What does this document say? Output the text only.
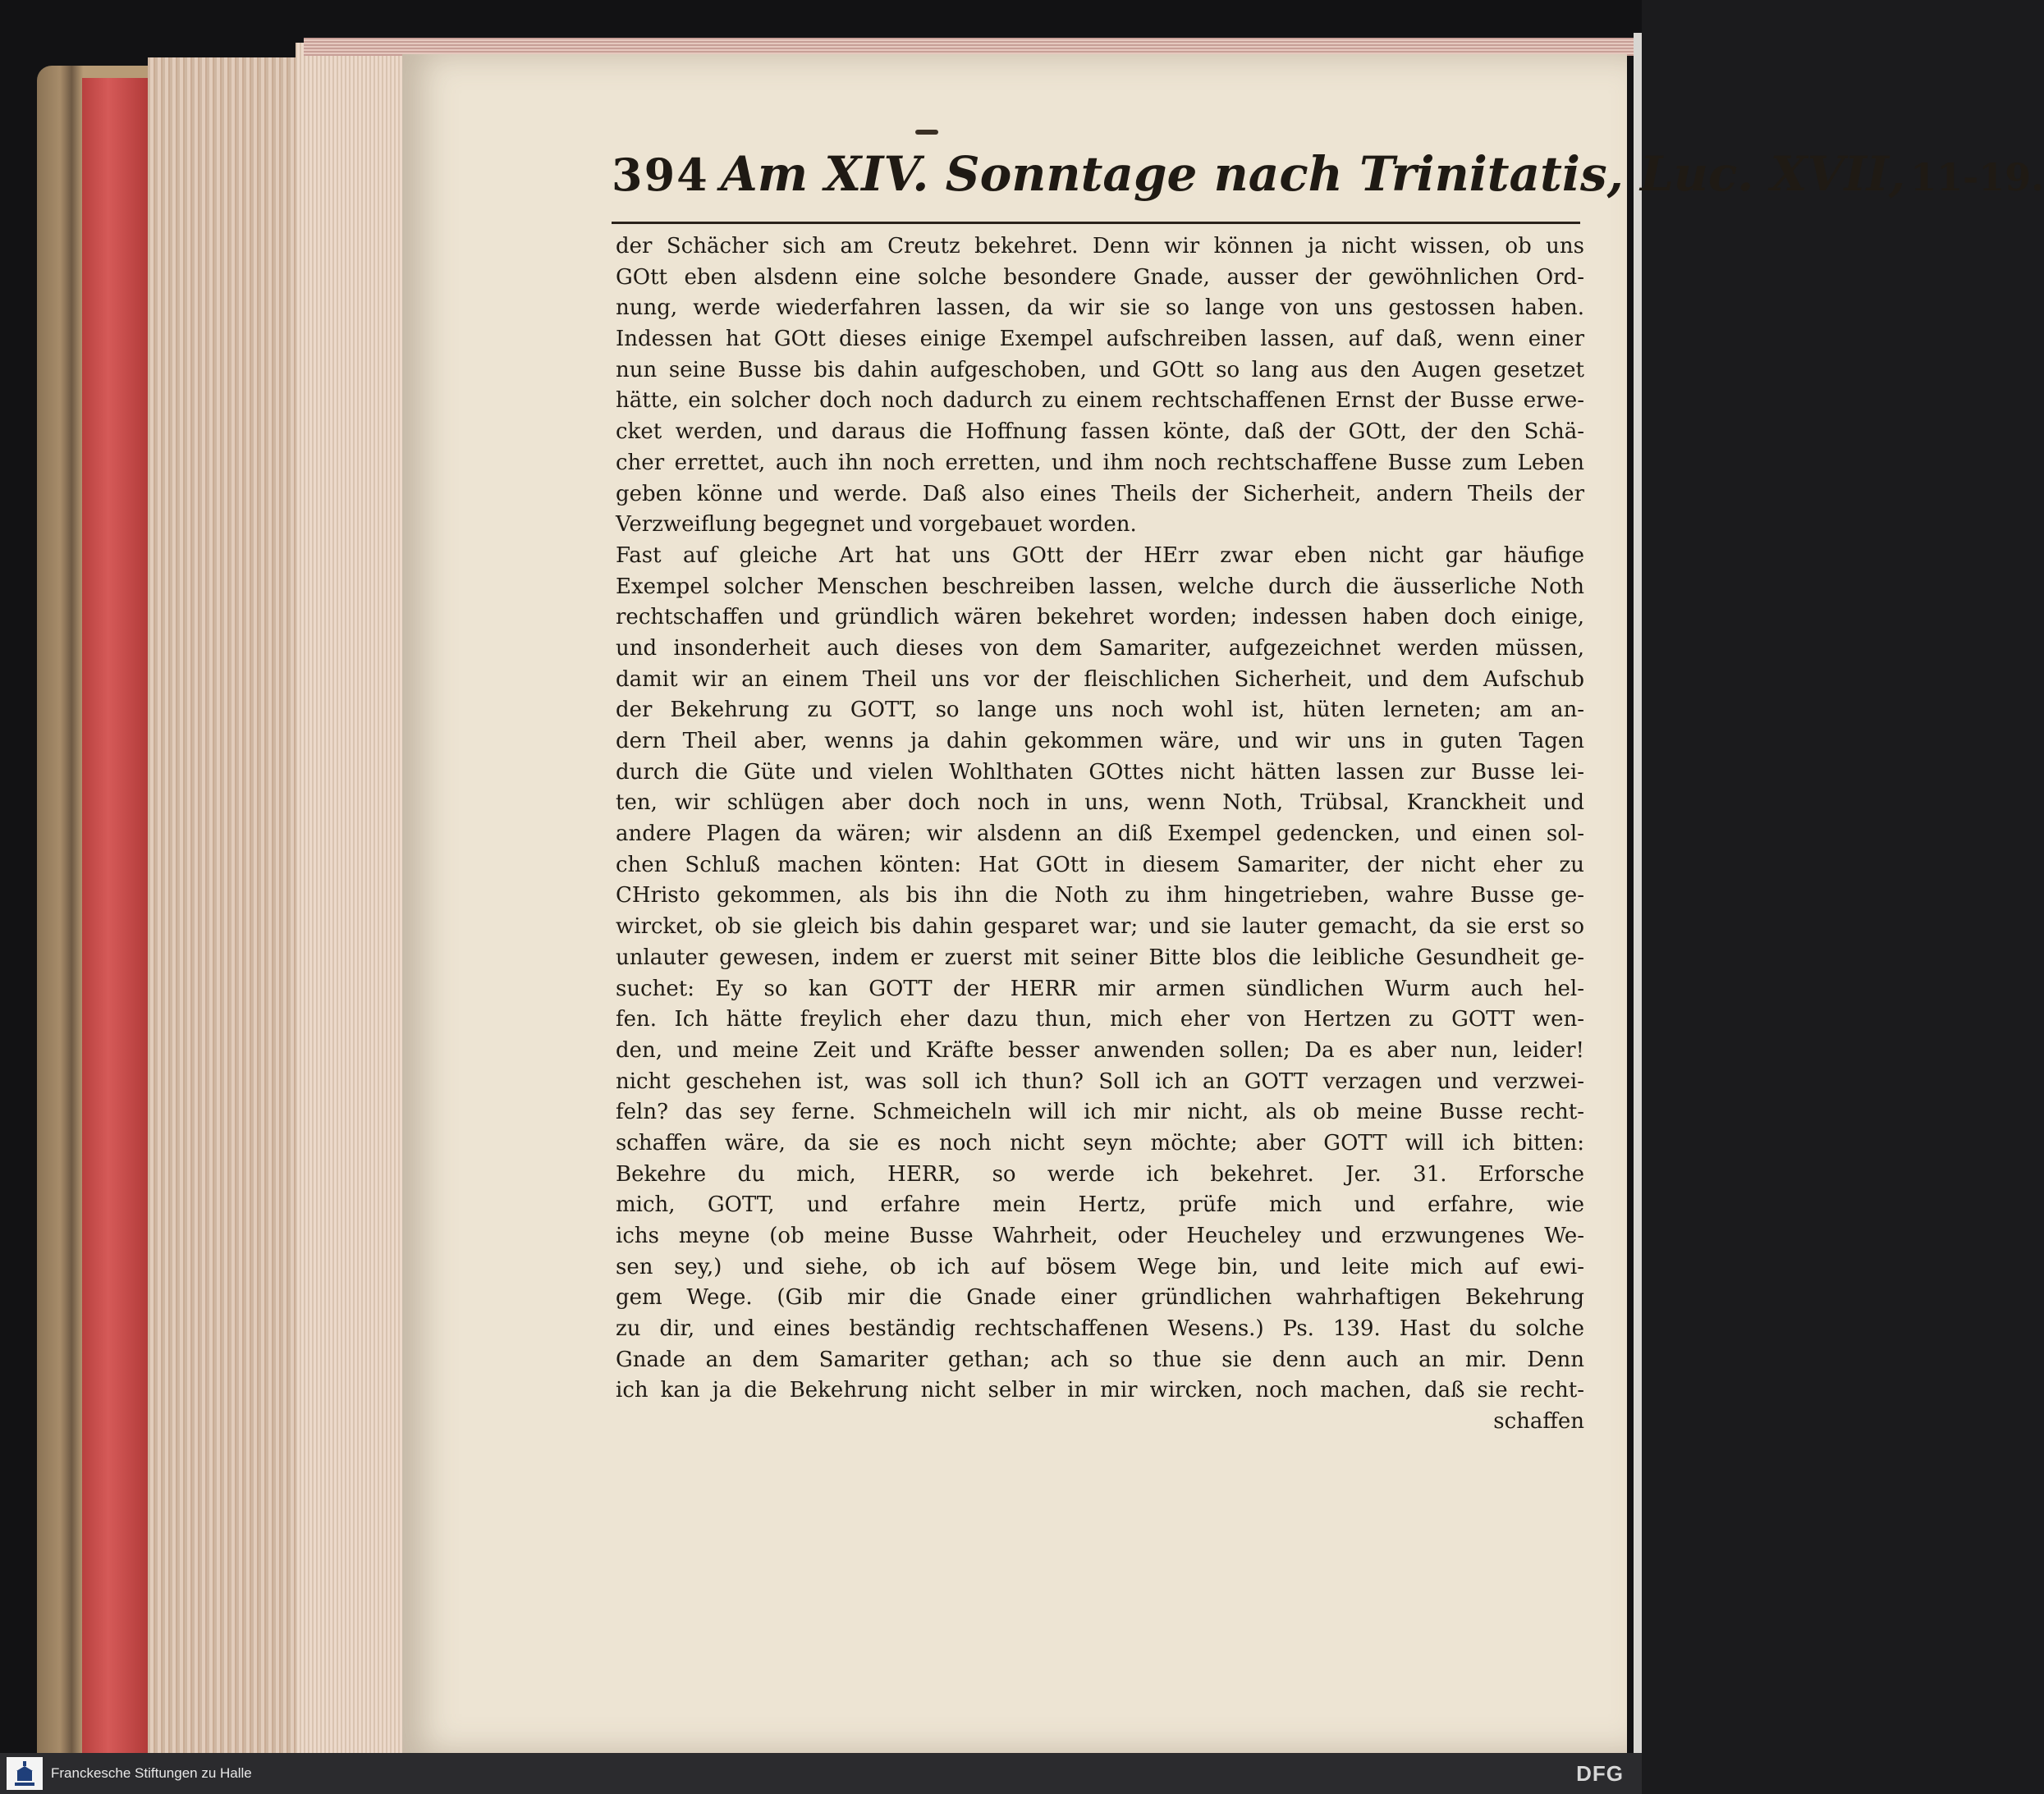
394 Am XIV. Sonntage nach Trinitatis, Luc. XVII, 11-19.
der Schächer sich am Creutz bekehret. Denn wir können ja nicht wissen, ob uns
GOtt eben alsdenn eine solche besondere Gnade, ausser der gewöhnlichen Ord-
nung, werde wiederfahren lassen, da wir sie so lange von uns gestossen haben.
Indessen hat GOtt dieses einige Exempel aufschreiben lassen, auf daß, wenn einer
nun seine Busse bis dahin aufgeschoben, und GOtt so lang aus den Augen gesetzet
hätte, ein solcher doch noch dadurch zu einem rechtschaffenen Ernst der Busse erwe-
cket werden, und daraus die Hoffnung fassen könte, daß der GOtt, der den Schä-
cher errettet, auch ihn noch erretten, und ihm noch rechtschaffene Busse zum Leben
geben könne und werde. Daß also eines Theils der Sicherheit, andern Theils der
Verzweiflung begegnet und vorgebauet worden.
Fast auf gleiche Art hat uns GOtt der HErr zwar eben nicht gar häufige
Exempel solcher Menschen beschreiben lassen, welche durch die äusserliche Noth
rechtschaffen und gründlich wären bekehret worden; indessen haben doch einige,
und insonderheit auch dieses von dem Samariter, aufgezeichnet werden müssen,
damit wir an einem Theil uns vor der fleischlichen Sicherheit, und dem Aufschub
der Bekehrung zu GOTT, so lange uns noch wohl ist, hüten lerneten; am an-
dern Theil aber, wenns ja dahin gekommen wäre, und wir uns in guten Tagen
durch die Güte und vielen Wohlthaten GOttes nicht hätten lassen zur Busse lei-
ten, wir schlügen aber doch noch in uns, wenn Noth, Trübsal, Kranckheit und
andere Plagen da wären; wir alsdenn an diß Exempel gedencken, und einen sol-
chen Schluß machen könten: Hat GOtt in diesem Samariter, der nicht eher zu
CHristo gekommen, als bis ihn die Noth zu ihm hingetrieben, wahre Busse ge-
wircket, ob sie gleich bis dahin gesparet war; und sie lauter gemacht, da sie erst so
unlauter gewesen, indem er zuerst mit seiner Bitte blos die leibliche Gesundheit ge-
suchet: Ey so kan GOTT der HERR mir armen sündlichen Wurm auch hel-
fen. Ich hätte freylich eher dazu thun, mich eher von Hertzen zu GOTT wen-
den, und meine Zeit und Kräfte besser anwenden sollen; Da es aber nun, leider!
nicht geschehen ist, was soll ich thun? Soll ich an GOTT verzagen und verzwei-
feln? das sey ferne. Schmeicheln will ich mir nicht, als ob meine Busse recht-
schaffen wäre, da sie es noch nicht seyn möchte; aber GOTT will ich bitten:
Bekehre du mich, HERR, so werde ich bekehret. Jer. 31. Erforsche
mich, GOTT, und erfahre mein Hertz, prüfe mich und erfahre, wie
ichs meyne (ob meine Busse Wahrheit, oder Heucheley und erzwungenes We-
sen sey,) und siehe, ob ich auf bösem Wege bin, und leite mich auf ewi-
gem Wege. (Gib mir die Gnade einer gründlichen wahrhaftigen Bekehrung
zu dir, und eines beständig rechtschaffenen Wesens.) Ps. 139. Hast du solche
Gnade an dem Samariter gethan; ach so thue sie denn auch an mir. Denn
ich kan ja die Bekehrung nicht selber in mir wircken, noch machen, daß sie recht-
schaffen
Franckesche Stiftungen zu Halle	DFG
